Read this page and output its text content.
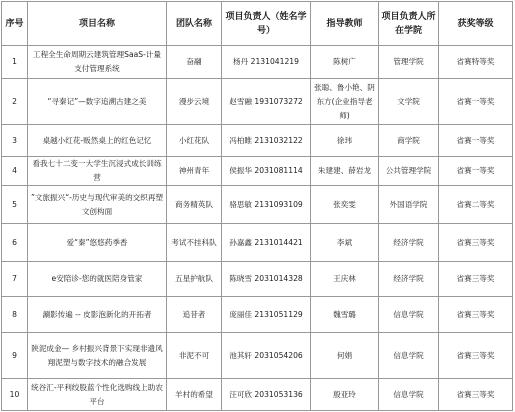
序号	项目名称	团队名称	项目负责人（姓名学号）	指导教师	项目负责人所在学院	获奖等级
1	工程全生命周期云建筑管理SaaS-计量支付管理系统	奋翮	杨丹 2131041219	陈树广	管理学院	省赛特等奖
2	“寻秦记”—数字追溯古建之美	漫步云境	赵雪融 1931073272	张聪、鲁小艳、阴东方(企业指导老师)	文学院	省赛一等奖
3	桌越小红花-贩然桌上的红色记忆	小红花队	冯柏睢 2131032122	徐玮	商学院	省赛一等奖
4	看我七十二变一大学生沉浸式成长训练营	神州青年	侯振华 2031081114	朱建建、薛岩龙	公共管理学院	省赛一等奖
5	”文旅振兴“-历史与现代审美的交织再塑文创构面	商务精英队	骆思敏 2131093109	张奕雯	外国语学院	省赛二等奖
6	爱“秦”悠悠药季香	考试不挂科队	孙嘉鑫 2131014421	李斌	经济学院	省赛三等奖
7	e安陪诊-您的就医陪身管家	五星护航队	陈晓雪 2031014328	王庆林	经济学院	省赛三等奖
8	涮影传遍 -- 皮影泡新化的开拓者	追昔者	庞丽佳 2131051129	魏雪璐	信息学院	省赛三等奖
9	陕泥成金— 乡村振兴背景下实现非遗风翔泥塑与数字技术的融合发展	非泥不可	池其轩 2031054206	何娟	信息学院	省赛三等奖
10	统谷汇-平利绞股蓝个性化选购线上助农平台	羊村的希望	汪可欣 2031053136	殷亚玲	信息学院	省赛三等奖
